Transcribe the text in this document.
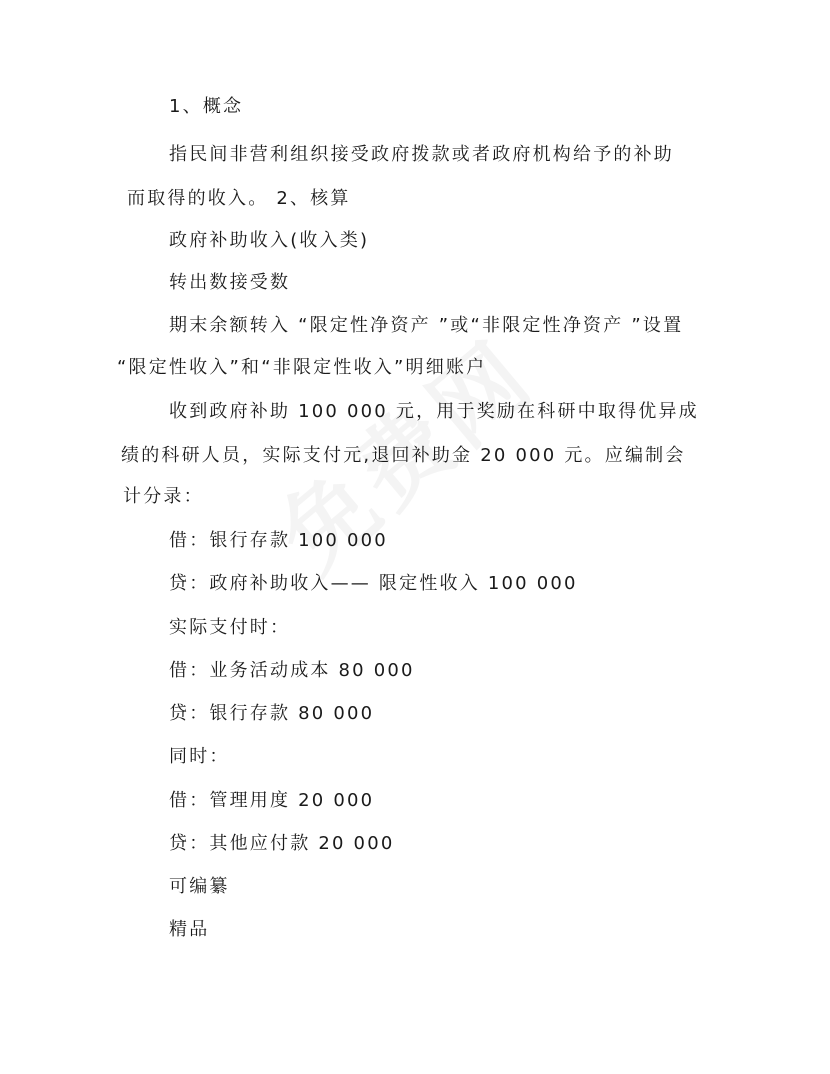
1、概念
指民间非营利组织接受政府拨款或者政府机构给予的补助
而取得的收入。 2、核算
政府补助收入(收入类)
转出数接受数
期末余额转入 “限定性净资产 ”或“非限定性净资产 ”设置
“限定性收入”和“非限定性收入”明细账户
收到政府补助 100 000 元，用于奖励在科研中取得优异成
绩的科研人员，实际支付元,退回补助金 20 000 元。应编制会
计分录：
借：银行存款 100 000
贷：政府补助收入—— 限定性收入 100 000
实际支付时：
借：业务活动成本 80 000
贷：银行存款 80 000
同时：
借：管理用度 20 000
贷：其他应付款 20 000
可编纂
精品
